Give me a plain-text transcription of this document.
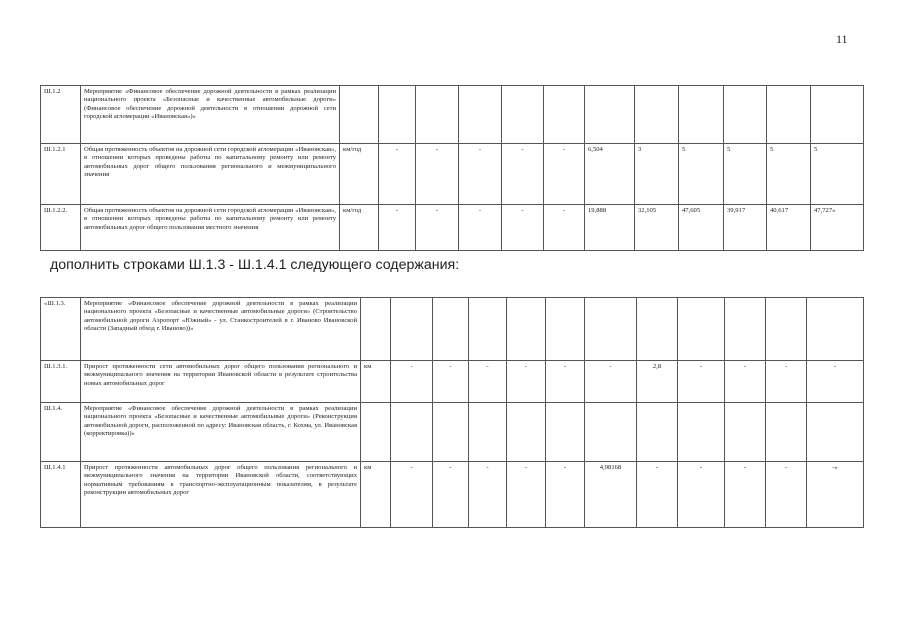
11
Ш.1.2	Мероприятие «Финансовое обеспечение дорожной деятельности в рамках реализации национального проекта «Безопасные и качественные автомобильные дороги» (Финансовое обеспечение дорожной деятельности в отношении дорожной сети городской агломерации «Ивановская»)»												
Ш.1.2.1	Общая протяженность объектов на дорожной сети городской агломерации «Ивановская», в отношении которых проведены работы по капитальному ремонту или ремонту автомобильных дорог общего пользования регионального и межмуниципального значения	км/год	-	-	-	-	-	6,504	3	5	5	5	5
Ш.1.2.2.	Общая протяженность объектов на дорожной сети городской агломерации «Ивановская», в отношении которых проведены работы по капитальному ремонту или ремонту автомобильных дорог общего пользования местного значения	км/год	-	-	-	-	-	19,888	32,105	47,605	39,917	40,617	47,727»
дополнить строками Ш.1.3 - Ш.1.4.1 следующего содержания:
«Ш.1.3.	Мероприятие «Финансовое обеспечение дорожной деятельности в рамках реализации национального проекта «Безопасные и качественные автомобильные дороги» (Строительство автомобильной дороги Аэропорт «Южный» - ул. Станкостроителей в г. Иваново Ивановской области (Западный обход г. Иваново))»												
Ш.1.3.1.	Прирост протяженности сети автомобильных дорог общего пользования регионального и межмуниципального значения на территории Ивановской области в результате строительства новых автомобильных дорог	км	-	-	-	-	-	-	2,8	-	-	-	-
Ш.1.4.	Мероприятие «Финансовое обеспечение дорожной деятельности в рамках реализации национального проекта «Безопасные и качественные автомобильные дороги» (Реконструкция автомобильной дороги, расположенной по адресу: Ивановская область, г. Кохма, ул. Ивановская (корректировка))»												
Ш.1.4.1	Прирост протяженности автомобильных дорог общего пользования регионального и межмуниципального значения на территории Ивановской области, соответствующих нормативным требованиям к транспортно-эксплуатационным показателям, в результате реконструкции автомобильных дорог	км	-	-	-	-	-	4,98168	-	-	-	-	-»
